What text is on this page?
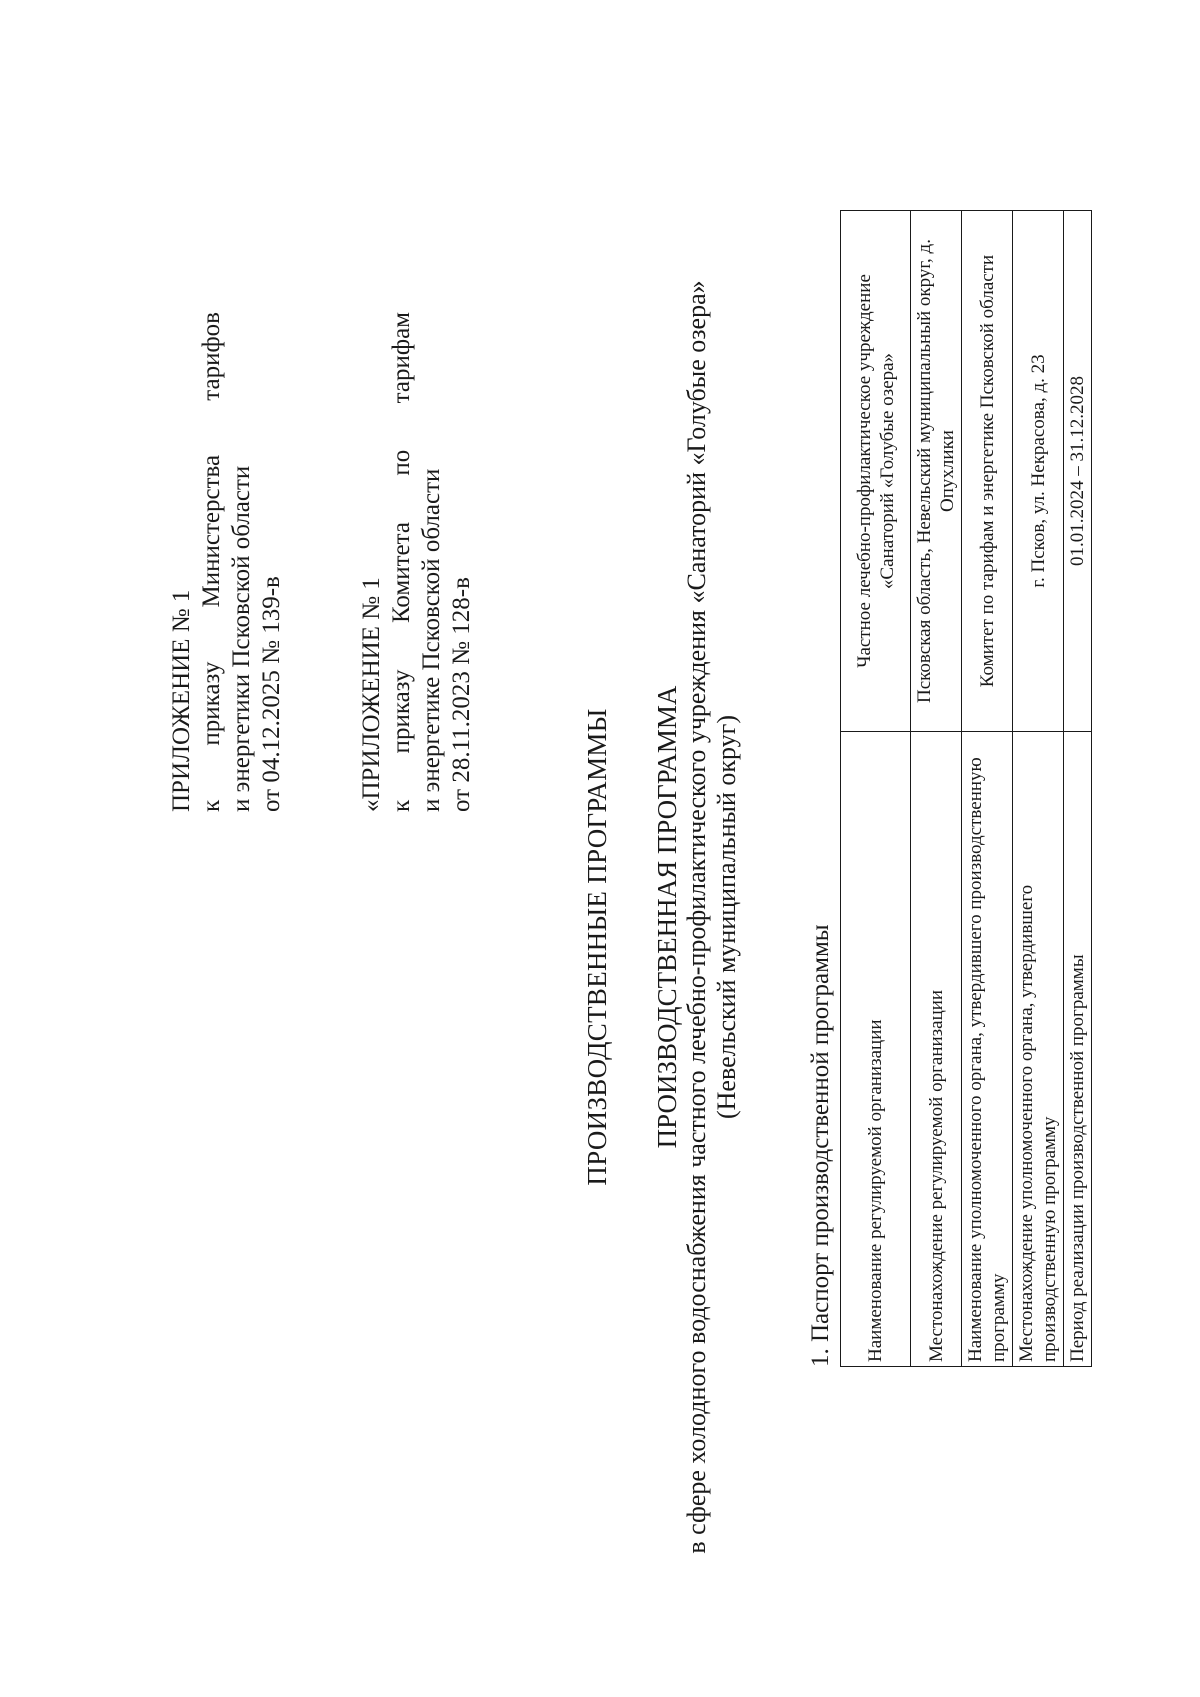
ПРИЛОЖЕНИЕ № 1 к
приказу
Министерства
тарифов
и энергетики Псковской области от 04.12.2025 № 139-в	«ПРИЛОЖЕНИЕ № 1 к
приказу
Комитета
по
тарифам
и энергетике Псковской области от 28.11.2023 № 128-в
ПРОИЗВОДСТВЕННЫЕ ПРОГРАММЫ ПРОИЗВОДСТВЕННАЯ ПРОГРАММА в сфере холодного водоснабжения частного лечебно-профилактического учреждения «Санаторий «Голубые озера» (Невельский муниципальный округ)
1. Паспорт производственной программы Наименование регулируемой организации	Частное лечебно-профилактическое учреждение «Санаторий «Голубые озера»
Местонахождение регулируемой организации	Псковская область, Невельский муниципальный округ, д. Опухлики
Наименование уполномоченного органа, утвердившего производственную программу	Комитет по тарифам и энергетике Псковской области
Местонахождение уполномоченного органа, утвердившего производственную программу	г. Псков, ул. Некрасова, д. 23
Период реализации производственной программы	01.01.2024 – 31.12.2028
